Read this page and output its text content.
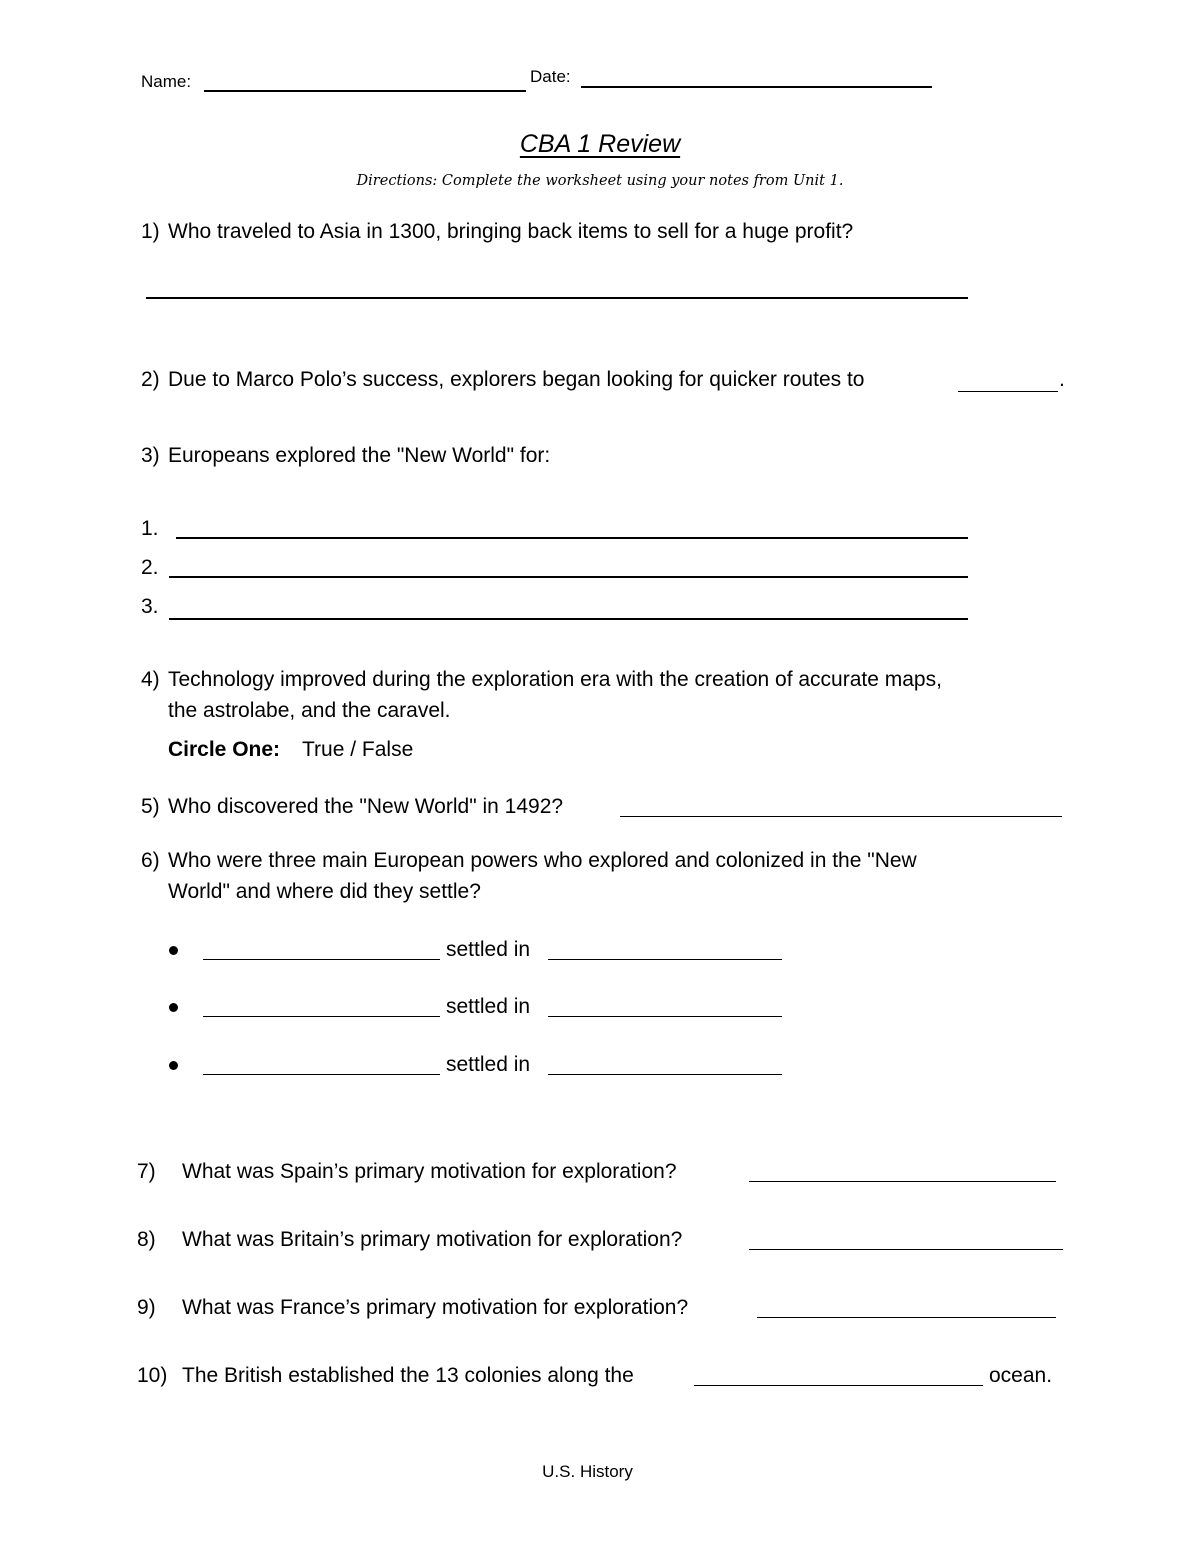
Name:	Date:
CBA 1 Review
Directions: Complete the worksheet using your notes from Unit 1.
1) Who traveled to Asia in 1300, bringing back items to sell for a huge profit?
2) Due to Marco Polo’s success, explorers began looking for quicker routes to	.
3) Europeans explored the "New World" for:
1.
2.
3.
4) Technology improved during the exploration era with the creation of accurate maps,
the astrolabe, and the caravel.
Circle One: True / False
5) Who discovered the "New World" in 1492?
6) Who were three main European powers who explored and colonized in the "New
World" and where did they settle?
settled in
settled in
settled in
7) What was Spain’s primary motivation for exploration?
8) What was Britain’s primary motivation for exploration?
9) What was France’s primary motivation for exploration?
10) The British established the 13 colonies along the	ocean.
U.S. History
